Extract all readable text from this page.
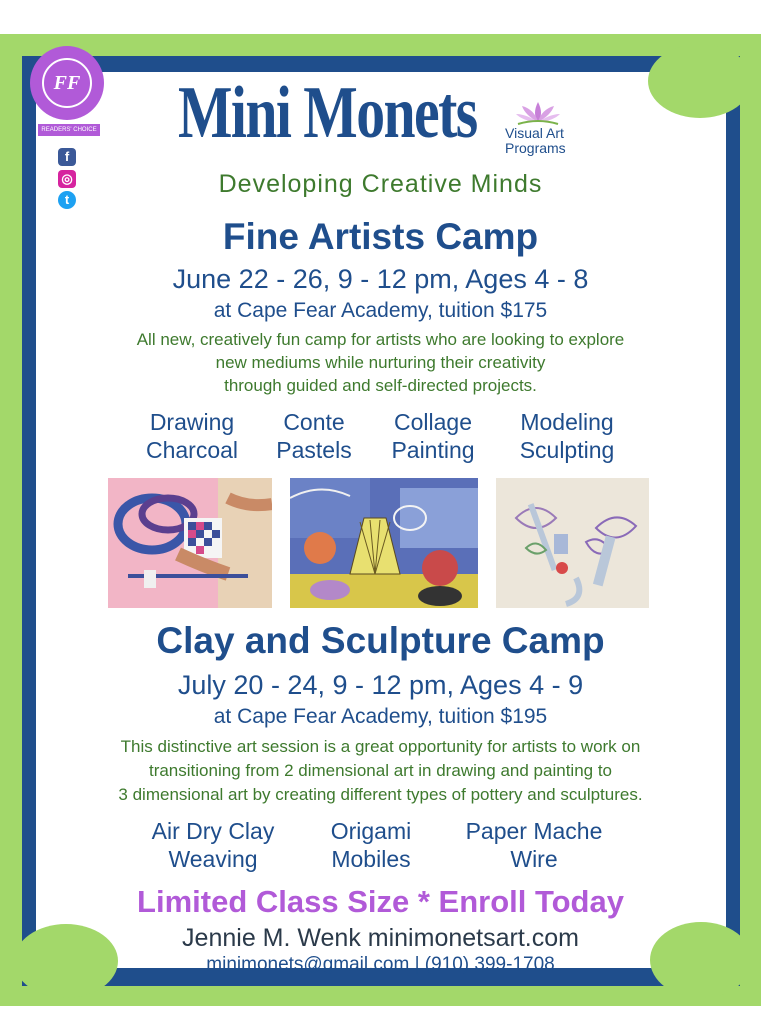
FF
READERS' CHOICE
f
◎
t
Mini Monets Visual Art
Programs
Developing Creative Minds
Fine Artists Camp
June 22 - 26, 9 - 12 pm, Ages 4 - 8
at Cape Fear Academy, tuition $175
All new, creatively fun camp for artists who are looking to explore
new mediums while nurturing their creativity
through guided and self-directed projects.
Drawing	Conte	Collage	Modeling
Charcoal	Pastels	Painting	Sculpting
Clay and Sculpture Camp
July 20 - 24, 9 - 12 pm, Ages 4 - 9
at Cape Fear Academy, tuition $195
This distinctive art session is a great opportunity for artists to work on
transitioning from 2 dimensional art in drawing and painting to
3 dimensional art by creating different types of pottery and sculptures.
Air Dry Clay	Origami	Paper Mache
Weaving	Mobiles	Wire
Limited Class Size * Enroll Today
Jennie M. Wenk minimonetsart.com
minimonets@gmail.com | (910) 399-1708
